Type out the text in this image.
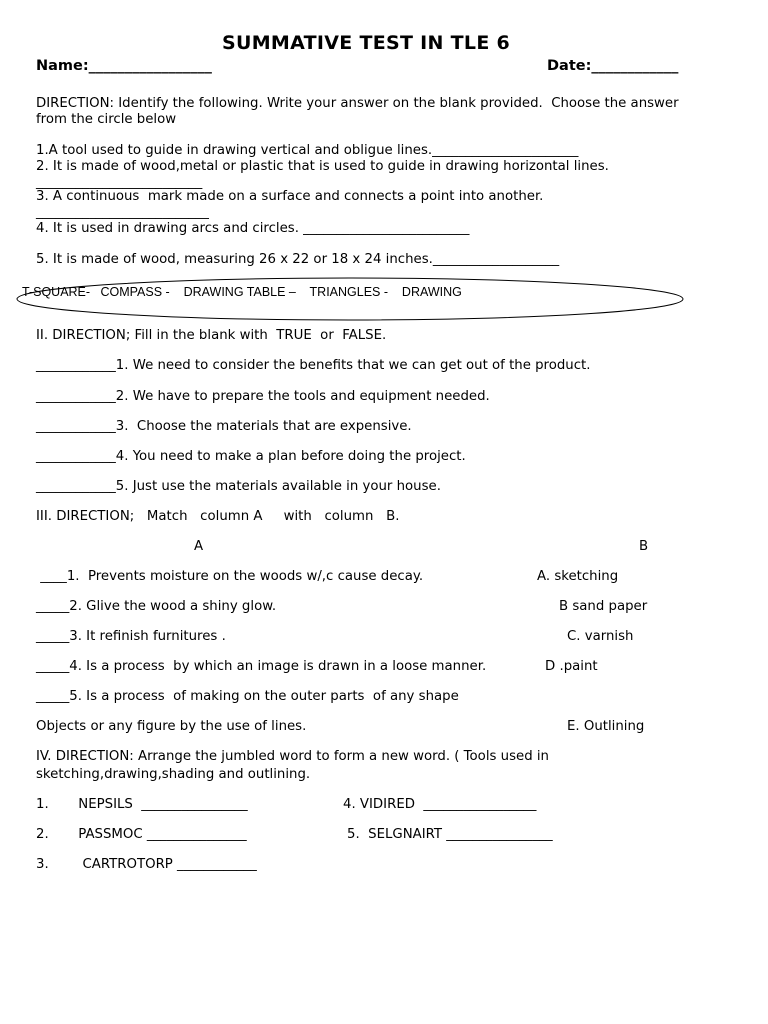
SUMMATIVE TEST IN TLE 6
Name:_________________	Date:____________
DIRECTION: Identify the following. Write your answer on the blank provided.  Choose the answer
from the circle below
1.A tool used to guide in drawing vertical and obligue lines.______________________
2. It is made of wood,metal or plastic that is used to guide in drawing horizontal lines.
_________________________
3. A continuous  mark made on a surface and connects a point into another.
__________________________
4. It is used in drawing arcs and circles. _________________________
5. It is made of wood, measuring 26 x 22 or 18 x 24 inches.___________________
T-SQUARE-   COMPASS -    DRAWING TABLE –    TRIANGLES -    DRAWING
II. DIRECTION; Fill in the blank with  TRUE  or  FALSE.
____________1. We need to consider the benefits that we can get out of the product.
____________2. We have to prepare the tools and equipment needed.
____________3.  Choose the materials that are expensive.
____________4. You need to make a plan before doing the project.
____________5. Just use the materials available in your house.
III. DIRECTION;   Match   column A     with   column   B.
A	B
____1.  Prevents moisture on the woods w/,c cause decay.	A. sketching
_____2. Glive the wood a shiny glow.	B sand paper
_____3. It refinish furnitures .	C. varnish
_____4. Is a process  by which an image is drawn in a loose manner.	D .paint
_____5. Is a process  of making on the outer parts  of any shape
Objects or any figure by the use of lines.	E. Outlining
IV. DIRECTION: Arrange the jumbled word to form a new word. ( Tools used in
sketching,drawing,shading and outlining.
1.       NEPSILS  ________________	4. VIDIRED  _________________
2.       PASSMOC _______________	5.  SELGNAIRT ________________
3.        CARTROTORP ____________
